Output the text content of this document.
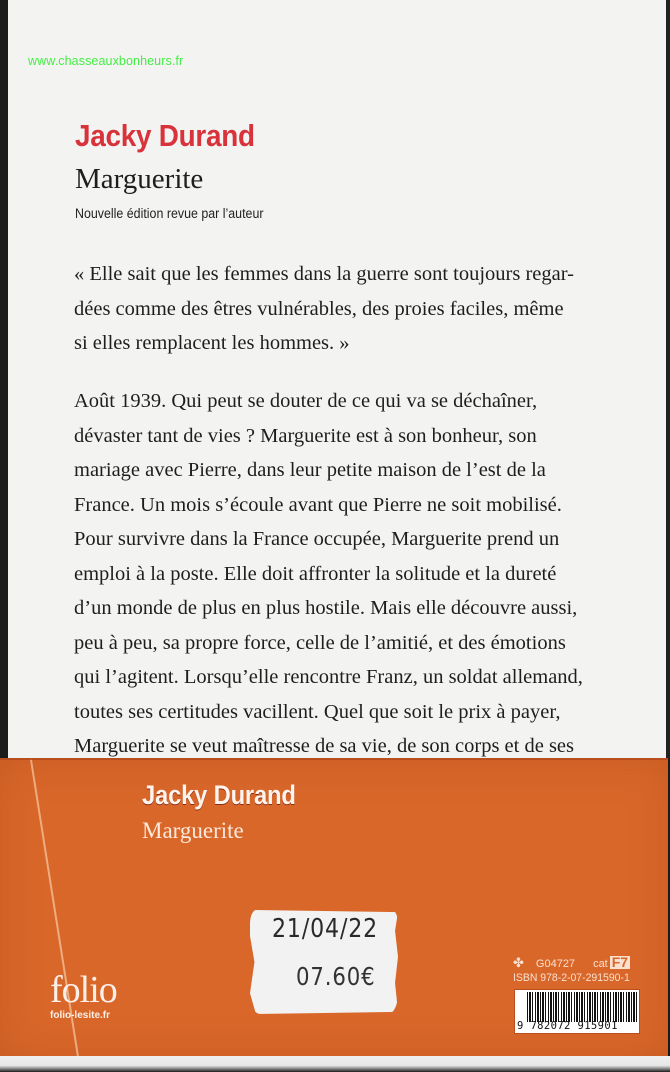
www.chasseauxbonheurs.fr
Jacky Durand
Marguerite
Nouvelle édition revue par l’auteur
« Elle sait que les femmes dans la guerre sont toujours regar-
dées comme des êtres vulnérables, des proies faciles, même
si elles remplacent les hommes. »
Août 1939. Qui peut se douter de ce qui va se déchaîner,
dévaster tant de vies ? Marguerite est à son bonheur, son
mariage avec Pierre, dans leur petite maison de l’est de la
France. Un mois s’écoule avant que Pierre ne soit mobilisé.
Pour survivre dans la France occupée, Marguerite prend un
emploi à la poste. Elle doit affronter la solitude et la dureté
d’un monde de plus en plus hostile. Mais elle découvre aussi,
peu à peu, sa propre force, celle de l’amitié, et des émotions
qui l’agitent. Lorsqu’elle rencontre Franz, un soldat allemand,
toutes ses certitudes vacillent. Quel que soit le prix à payer,
Marguerite se veut maîtresse de sa vie, de son corps et de ses
Jacky Durand
Marguerite
21/04/22
07.60€
folio
folio-lesite.fr
✤ G04727 cat F7
ISBN 978-2-07-291590-1
9 782072 915901
